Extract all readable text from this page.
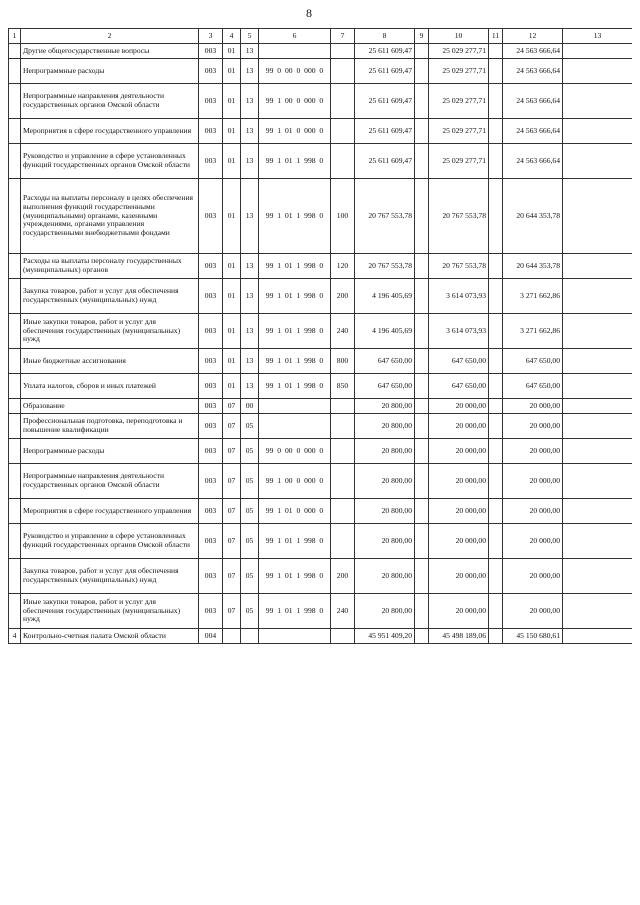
8
1	2	3	4	5	6	7	8	9	10	11	12	13
	Другие общегосударственные вопросы	003	01	13			25 611 609,47		25 029 277,71		24 563 666,64	
	Непрограммные расходы	003	01	13	99 0 00 0 000 0		25 611 609,47		25 029 277,71		24 563 666,64	
	Непрограммные направления деятельности государственных органов Омской области	003	01	13	99 1 00 0 000 0		25 611 609,47		25 029 277,71		24 563 666,64	
	Мероприятия в сфере государственного управления	003	01	13	99 1 01 0 000 0		25 611 609,47		25 029 277,71		24 563 666,64	
	Руководство и управление в сфере установленных функций государственных органов Омской области	003	01	13	99 1 01 1 998 0		25 611 609,47		25 029 277,71		24 563 666,64	
	Расходы на выплаты персоналу в целях обеспечения выполнения функций государственными (муниципальными) органами, казенными учреждениями, органами управления государственными внебюджетными фондами	003	01	13	99 1 01 1 998 0	100	20 767 553,78		20 767 553,78		20 644 353,78	
	Расходы на выплаты персоналу государственных (муниципальных) органов	003	01	13	99 1 01 1 998 0	120	20 767 553,78		20 767 553,78		20 644 353,78	
	Закупка товаров, работ и услуг для обеспечения государственных (муниципальных) нужд	003	01	13	99 1 01 1 998 0	200	4 196 405,69		3 614 073,93		3 271 662,86	
	Иные закупки товаров, работ и услуг для обеспечения государственных (муниципальных) нужд	003	01	13	99 1 01 1 998 0	240	4 196 405,69		3 614 073,93		3 271 662,86	
	Иные бюджетные ассигнования	003	01	13	99 1 01 1 998 0	800	647 650,00		647 650,00		647 650,00	
	Уплата налогов, сборов и иных платежей	003	01	13	99 1 01 1 998 0	850	647 650,00		647 650,00		647 650,00	
	Образование	003	07	00			20 800,00		20 000,00		20 000,00	
	Профессиональная подготовка, переподготовка и повышение квалификации	003	07	05			20 800,00		20 000,00		20 000,00	
	Непрограммные расходы	003	07	05	99 0 00 0 000 0		20 800,00		20 000,00		20 000,00	
	Непрограммные направления деятельности государственных органов Омской области	003	07	05	99 1 00 0 000 0		20 800,00		20 000,00		20 000,00	
	Мероприятия в сфере государственного управления	003	07	05	99 1 01 0 000 0		20 800,00		20 000,00		20 000,00	
	Руководство и управление в сфере установленных функций государственных органов Омской области	003	07	05	99 1 01 1 998 0		20 800,00		20 000,00		20 000,00	
	Закупка товаров, работ и услуг для обеспечения государственных (муниципальных) нужд	003	07	05	99 1 01 1 998 0	200	20 800,00		20 000,00		20 000,00	
	Иные закупки товаров, работ и услуг для обеспечения государственных (муниципальных) нужд	003	07	05	99 1 01 1 998 0	240	20 800,00		20 000,00		20 000,00	
4	Контрольно-счетная палата Омской области	004					45 951 409,20		45 498 189,06		45 150 680,61	
